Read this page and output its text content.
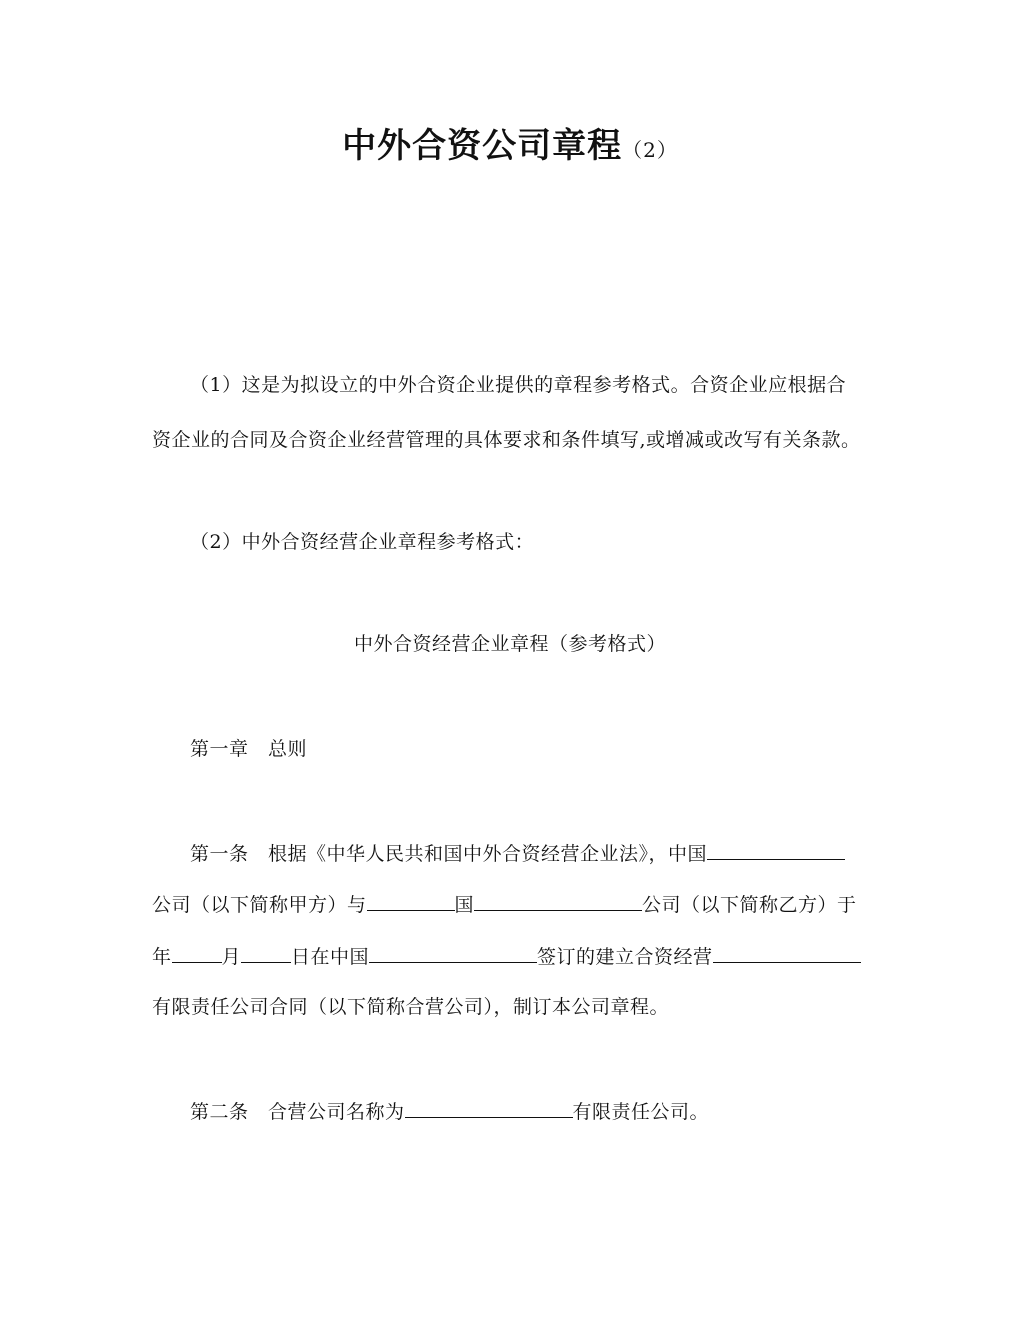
中外合资公司章程（2）
（1）这是为拟设立的中外合资企业提供的章程参考格式。合资企业应根据合
资企业的合同及合资企业经营管理的具体要求和条件填写,或增减或改写有关条款。
（2）中外合资经营企业章程参考格式：
中外合资经营企业章程（参考格式）
第一章　总则
第一条　根据《中华人民共和国中外合资经营企业法》，中国
公司（以下简称甲方）与	国	公司（以下简称乙方）于
年	月	日在中国	签订的建立合资经营
有限责任公司合同（以下简称合营公司），制订本公司章程。
第二条　合营公司名称为	有限责任公司。
